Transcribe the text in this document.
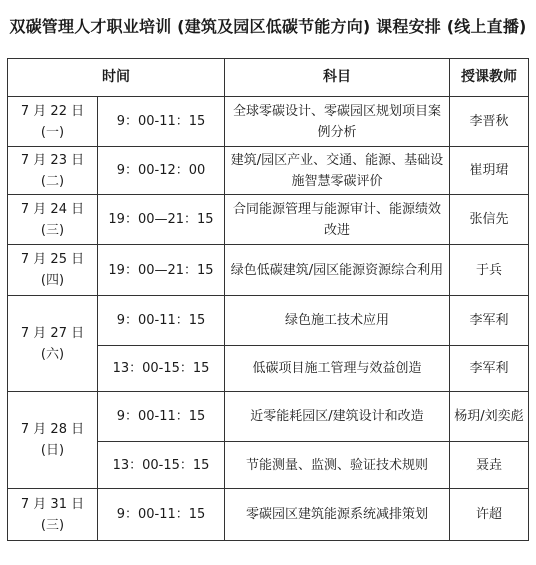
双碳管理人才职业培训 (建筑及园区低碳节能方向) 课程安排 (线上直播)
时间		科目	授课教师
7 月 22 日
(一)	9：00-11：15	全球零碳设计、零碳园区规划项目案例分析	李晋秋
7 月 23 日
(二)	9：00-12：00	建筑/园区产业、交通、能源、基础设施智慧零碳评价	崔玥珺
7 月 24 日
(三)	19：00—21：15	合同能源管理与能源审计、能源绩效改进	张信先
7 月 25 日
(四)	19：00—21：15	绿色低碳建筑/园区能源资源综合利用	于兵
7 月 27 日
(六)	9：00-11：15	绿色施工技术应用	李军利
	13：00-15：15	低碳项目施工管理与效益创造	李军利
7 月 28 日
(日)	9：00-11：15	近零能耗园区/建筑设计和改造	杨玥/刘奕彪
	13：00-15：15	节能测量、监测、验证技术规则	聂垚
7 月 31 日
(三)	9：00-11：15	零碳园区建筑能源系统减排策划	许超
